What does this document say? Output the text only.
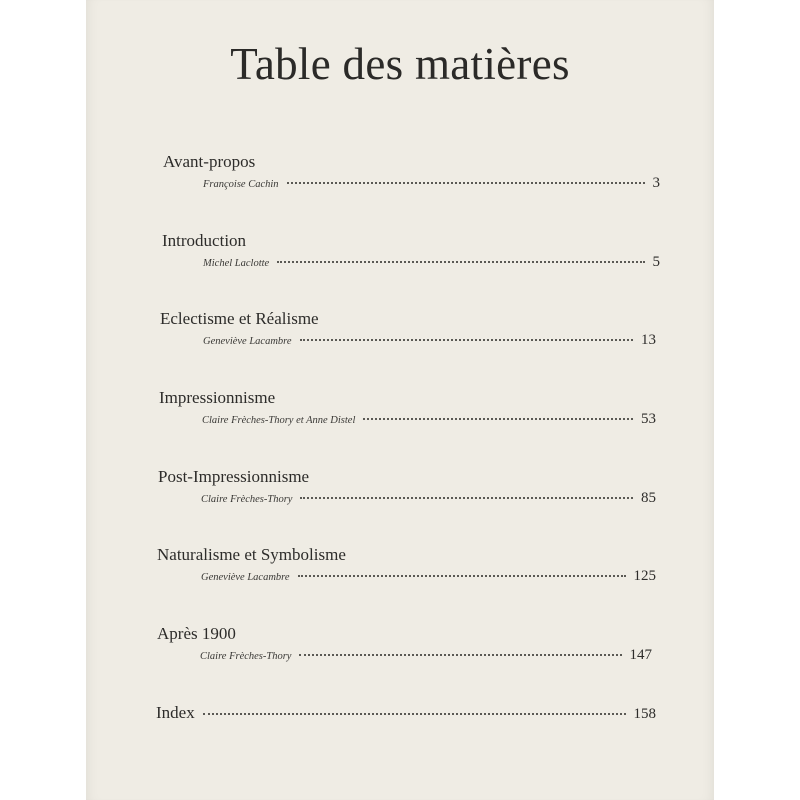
Table des matières
Avant-propos
Françoise Cachin	3
Introduction
Michel Laclotte	5
Eclectisme et Réalisme
Geneviève Lacambre	13
Impressionnisme
Claire Frèches-Thory et Anne Distel	53
Post-Impressionnisme
Claire Frèches-Thory	85
Naturalisme et Symbolisme
Geneviève Lacambre	125
Après 1900
Claire Frèches-Thory	147
Index	158
